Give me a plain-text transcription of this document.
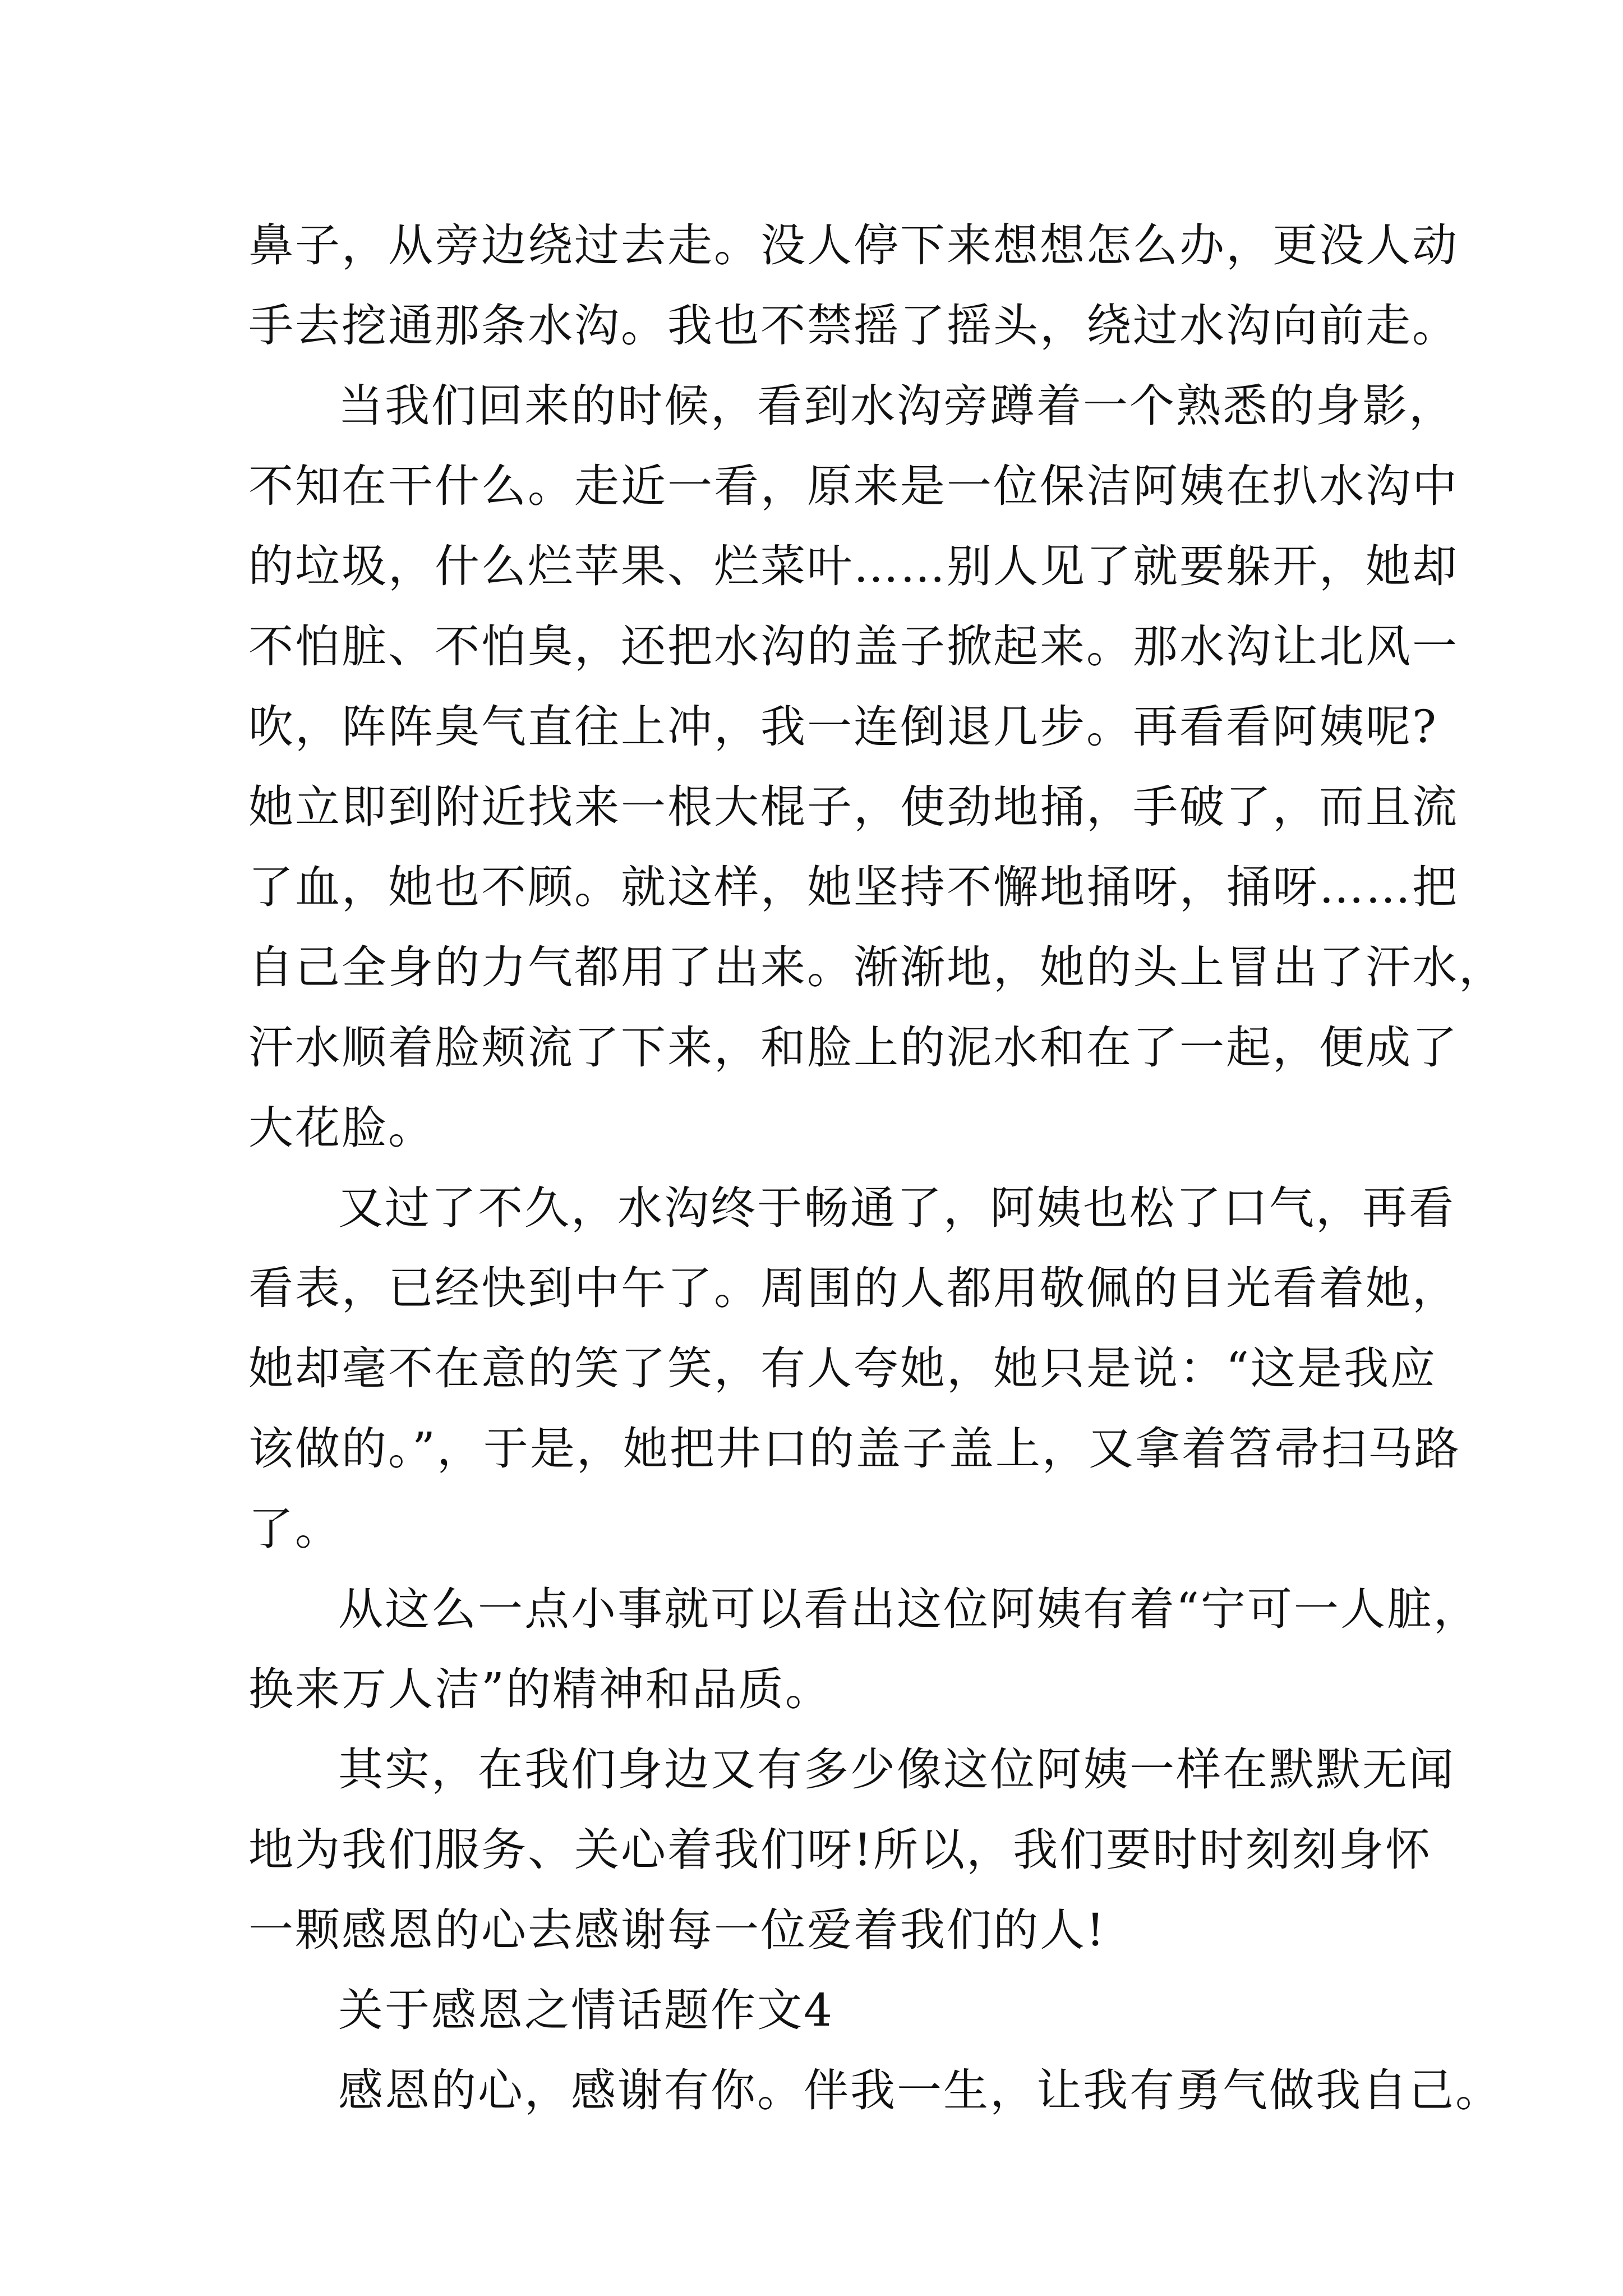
鼻子，从旁边绕过去走。没人停下来想想怎么办，更没人动
手去挖通那条水沟。我也不禁摇了摇头，绕过水沟向前走。
当我们回来的时候，看到水沟旁蹲着一个熟悉的身影，
不知在干什么。走近一看，原来是一位保洁阿姨在扒水沟中
的垃圾，什么烂苹果、烂菜叶……别人见了就要躲开，她却
不怕脏、不怕臭，还把水沟的盖子掀起来。那水沟让北风一
吹，阵阵臭气直往上冲，我一连倒退几步。再看看阿姨呢?
她立即到附近找来一根大棍子，使劲地捅，手破了，而且流
了血，她也不顾。就这样，她坚持不懈地捅呀，捅呀……把
自己全身的力气都用了出来。渐渐地，她的头上冒出了汗水，
汗水顺着脸颊流了下来，和脸上的泥水和在了一起，便成了
大花脸。
又过了不久，水沟终于畅通了，阿姨也松了口气，再看
看表，已经快到中午了。周围的人都用敬佩的目光看着她，
她却毫不在意的笑了笑，有人夸她，她只是说：“这是我应
该做的。”，于是，她把井口的盖子盖上，又拿着笤帚扫马路
了。
从这么一点小事就可以看出这位阿姨有着“宁可一人脏，
换来万人洁”的精神和品质。
其实，在我们身边又有多少像这位阿姨一样在默默无闻
地为我们服务、关心着我们呀!所以，我们要时时刻刻身怀
一颗感恩的心去感谢每一位爱着我们的人!
关于感恩之情话题作文4
感恩的心，感谢有你。伴我一生，让我有勇气做我自己。
